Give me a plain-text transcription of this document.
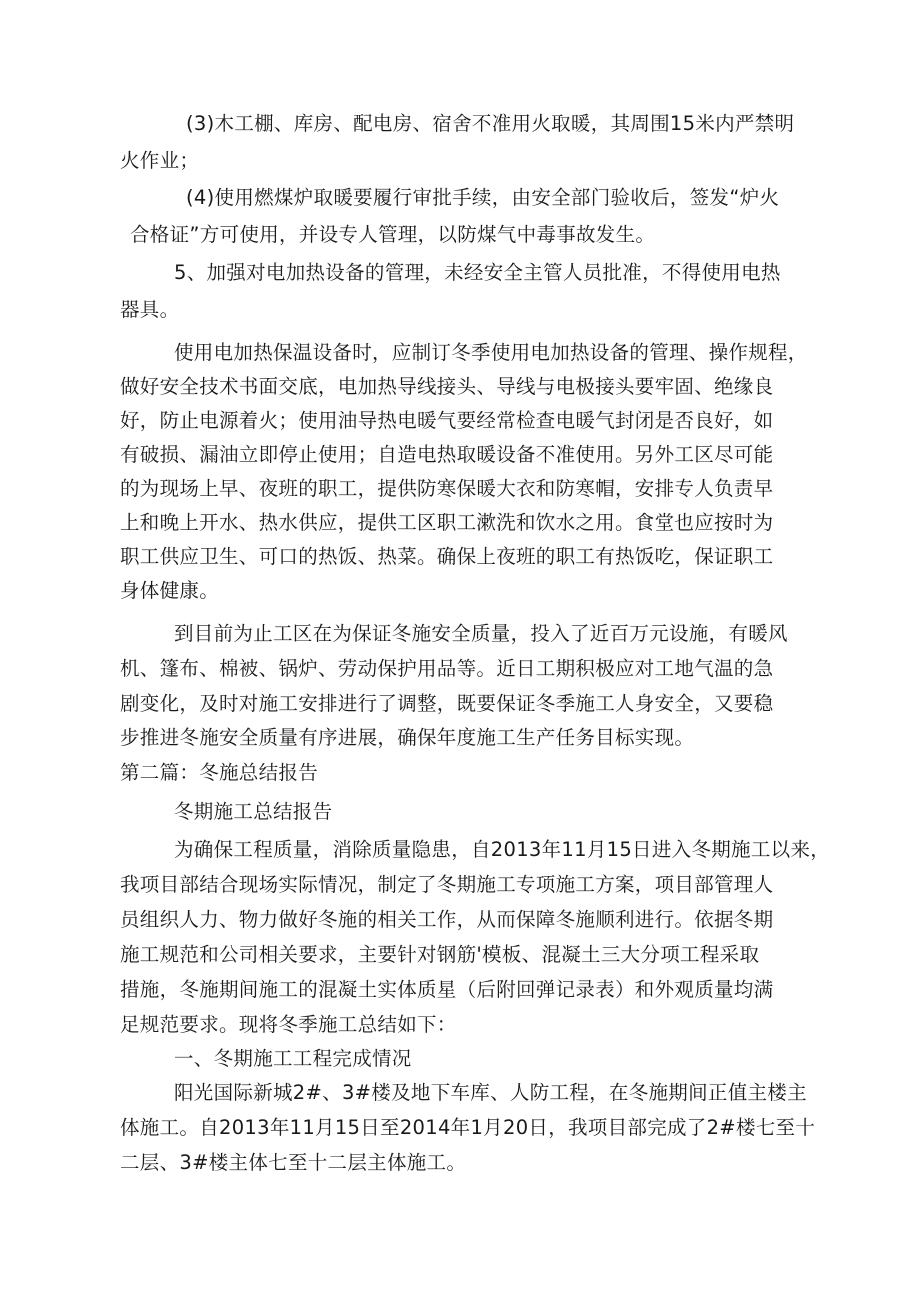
(3)木工棚、库房、配电房、宿舍不准用火取暖，其周围15米内严禁明
火作业；
(4)使用燃煤炉取暖要履行审批手续，由安全部门验收后，签发“炉火
合格证”方可使用，并设专人管理，以防煤气中毒事故发生。
5、加强对电加热设备的管理，未经安全主管人员批准，不得使用电热
器具。
使用电加热保温设备时，应制订冬季使用电加热设备的管理、操作规程，
做好安全技术书面交底，电加热导线接头、导线与电极接头要牢固、绝缘良
好，防止电源着火；使用油导热电暖气要经常检查电暖气封闭是否良好，如
有破损、漏油立即停止使用；自造电热取暖设备不准使用。另外工区尽可能
的为现场上早、夜班的职工，提供防寒保暖大衣和防寒帽，安排专人负责早
上和晚上开水、热水供应，提供工区职工漱洗和饮水之用。食堂也应按时为
职工供应卫生、可口的热饭、热菜。确保上夜班的职工有热饭吃，保证职工
身体健康。
到目前为止工区在为保证冬施安全质量，投入了近百万元设施，有暖风
机、篷布、棉被、锅炉、劳动保护用品等。近日工期积极应对工地气温的急
剧变化，及时对施工安排进行了调整，既要保证冬季施工人身安全，又要稳
步推进冬施安全质量有序进展，确保年度施工生产任务目标实现。
第二篇：冬施总结报告
冬期施工总结报告
为确保工程质量，消除质量隐患，自2013年11月15日进入冬期施工以来，
我项目部结合现场实际情况，制定了冬期施工专项施工方案，项目部管理人
员组织人力、物力做好冬施的相关工作，从而保障冬施顺利进行。依据冬期
施工规范和公司相关要求，主要针对钢筋'模板、混凝土三大分项工程采取
措施，冬施期间施工的混凝土实体质星（后附回弹记录表）和外观质量均满
足规范要求。现将冬季施工总结如下：
一、冬期施工工程完成情况
阳光国际新城2#、3#楼及地下车库、人防工程，在冬施期间正值主楼主
体施工。自2013年11月15日至2014年1月20日，我项目部完成了2#楼七至十
二层、3#楼主体七至十二层主体施工。
